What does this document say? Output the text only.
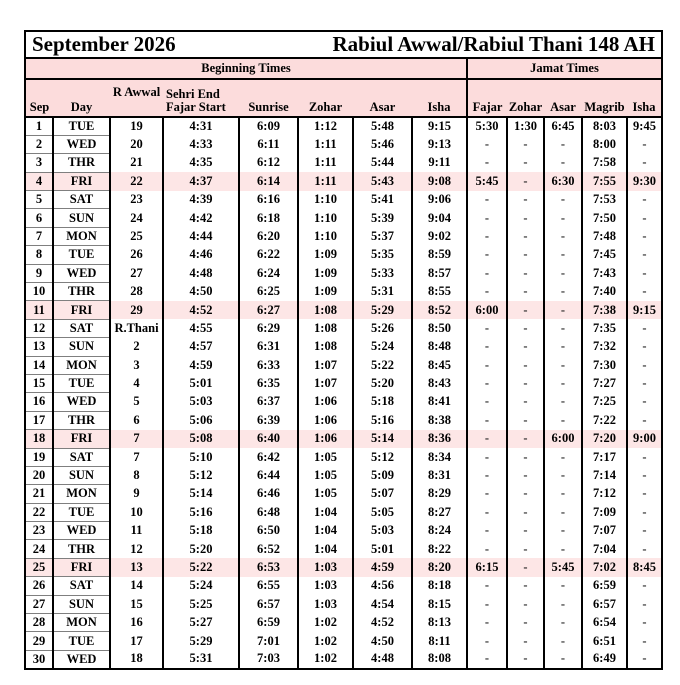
September 2026 Rabiul Awwal/Rabiul Thani 148 AH												

Beginning Times								Jamat Times				
Sep	Day	R Awwal	Sehri End
Fajar Start	Sunrise	Zohar	Asar	Isha	Fajar	Zohar	Asar	Magrib	Isha
1	TUE	19	4:31	6:09	1:12	5:48	9:15	5:30	1:30	6:45	8:03	9:45
2	WED	20	4:33	6:11	1:11	5:46	9:13	-	-	-	8:00	-
3	THR	21	4:35	6:12	1:11	5:44	9:11	-	-	-	7:58	-
4	FRI	22	4:37	6:14	1:11	5:43	9:08	5:45	-	6:30	7:55	9:30
5	SAT	23	4:39	6:16	1:10	5:41	9:06	-	-	-	7:53	-
6	SUN	24	4:42	6:18	1:10	5:39	9:04	-	-	-	7:50	-
7	MON	25	4:44	6:20	1:10	5:37	9:02	-	-	-	7:48	-
8	TUE	26	4:46	6:22	1:09	5:35	8:59	-	-	-	7:45	-
9	WED	27	4:48	6:24	1:09	5:33	8:57	-	-	-	7:43	-
10	THR	28	4:50	6:25	1:09	5:31	8:55	-	-	-	7:40	-
11	FRI	29	4:52	6:27	1:08	5:29	8:52	6:00	-	-	7:38	9:15
12	SAT	R.Thani	4:55	6:29	1:08	5:26	8:50	-	-	-	7:35	-
13	SUN	2	4:57	6:31	1:08	5:24	8:48	-	-	-	7:32	-
14	MON	3	4:59	6:33	1:07	5:22	8:45	-	-	-	7:30	-
15	TUE	4	5:01	6:35	1:07	5:20	8:43	-	-	-	7:27	-
16	WED	5	5:03	6:37	1:06	5:18	8:41	-	-	-	7:25	-
17	THR	6	5:06	6:39	1:06	5:16	8:38	-	-	-	7:22	-
18	FRI	7	5:08	6:40	1:06	5:14	8:36	-	-	6:00	7:20	9:00
19	SAT	7	5:10	6:42	1:05	5:12	8:34	-	-	-	7:17	-
20	SUN	8	5:12	6:44	1:05	5:09	8:31	-	-	-	7:14	-
21	MON	9	5:14	6:46	1:05	5:07	8:29	-	-	-	7:12	-
22	TUE	10	5:16	6:48	1:04	5:05	8:27	-	-	-	7:09	-
23	WED	11	5:18	6:50	1:04	5:03	8:24	-	-	-	7:07	-
24	THR	12	5:20	6:52	1:04	5:01	8:22	-	-	-	7:04	-
25	FRI	13	5:22	6:53	1:03	4:59	8:20	6:15	-	5:45	7:02	8:45
26	SAT	14	5:24	6:55	1:03	4:56	8:18	-	-	-	6:59	-
27	SUN	15	5:25	6:57	1:03	4:54	8:15	-	-	-	6:57	-
28	MON	16	5:27	6:59	1:02	4:52	8:13	-	-	-	6:54	-
29	TUE	17	5:29	7:01	1:02	4:50	8:11	-	-	-	6:51	-
30	WED	18	5:31	7:03	1:02	4:48	8:08	-	-	-	6:49	-
